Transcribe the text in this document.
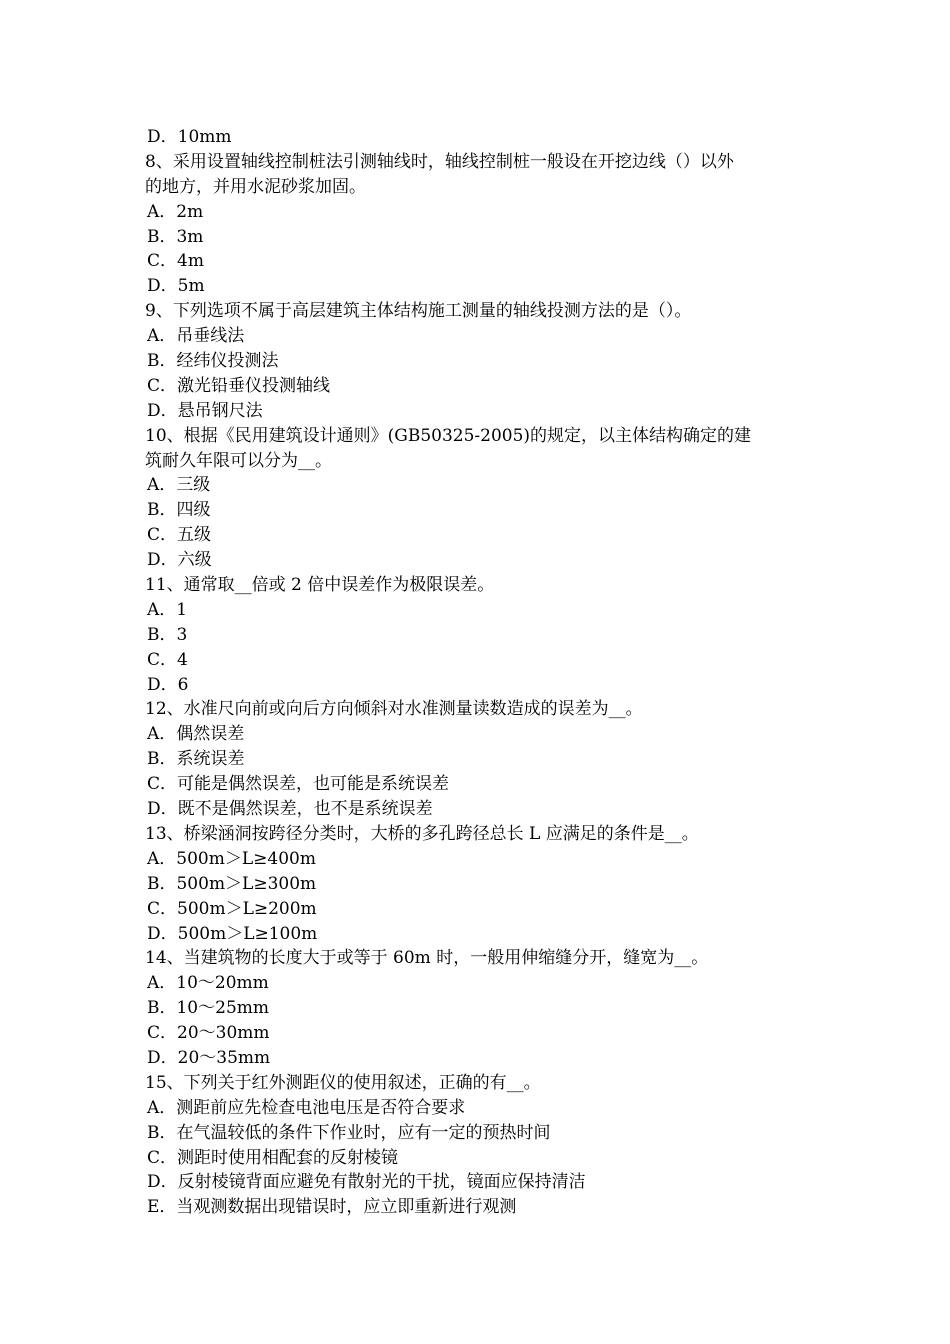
D．10mm
8、采用设置轴线控制桩法引测轴线时，轴线控制桩一般设在开挖边线（）以外
的地方，并用水泥砂浆加固。
A．2m
B．3m
C．4m
D．5m
9、下列选项不属于高层建筑主体结构施工测量的轴线投测方法的是（）。
A．吊垂线法
B．经纬仪投测法
C．激光铅垂仪投测轴线
D．悬吊钢尺法
10、根据《民用建筑设计通则》(GB50325-2005)的规定，以主体结构确定的建
筑耐久年限可以分为__。
A．三级
B．四级
C．五级
D．六级
11、通常取__倍或 2 倍中误差作为极限误差。
A．1
B．3
C．4
D．6
12、水准尺向前或向后方向倾斜对水准测量读数造成的误差为__。
A．偶然误差
B．系统误差
C．可能是偶然误差，也可能是系统误差
D．既不是偶然误差，也不是系统误差
13、桥梁涵洞按跨径分类时，大桥的多孔跨径总长 L 应满足的条件是__。
A．500m＞L≥400m
B．500m＞L≥300m
C．500m＞L≥200m
D．500m＞L≥100m
14、当建筑物的长度大于或等于 60m 时，一般用伸缩缝分开，缝宽为__。
A．10～20mm
B．10～25mm
C．20～30mm
D．20～35mm
15、下列关于红外测距仪的使用叙述，正确的有__。
A．测距前应先检查电池电压是否符合要求
B．在气温较低的条件下作业时，应有一定的预热时间
C．测距时使用相配套的反射棱镜
D．反射棱镜背面应避免有散射光的干扰，镜面应保持清洁
E．当观测数据出现错误时，应立即重新进行观测
